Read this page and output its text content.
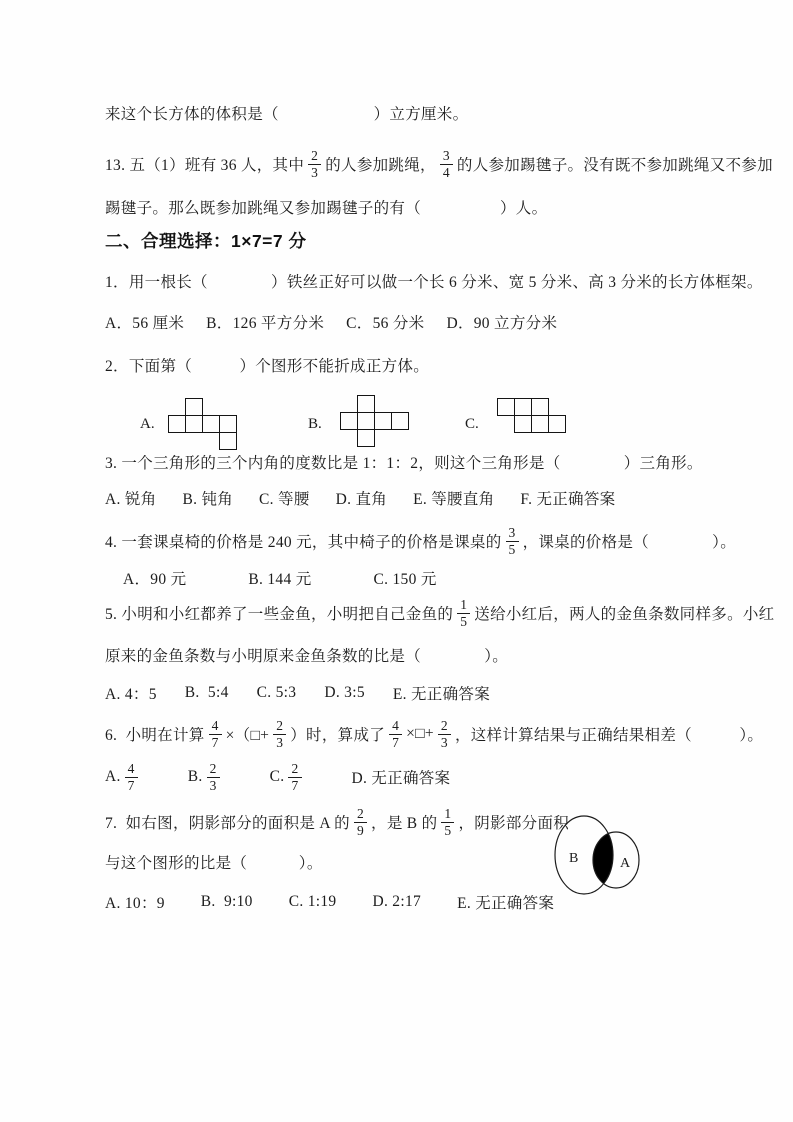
来这个长方体的体积是（　　　　　　）立方厘米。
13. 五（1）班有 36 人，其中 $\frac{2}{3}$ 的人参加跳绳， $\frac{3}{4}$ 的人参加踢毽子。没有既不参加跳绳又不参加
踢毽子。那么既参加跳绳又参加踢毽子的有（　　　　　）人。
二、合理选择：1×7=7 分
1．用一根长（　　　　）铁丝正好可以做一个长 6 分米、宽 5 分米、高 3 分米的长方体框架。
A．56 厘米 B．126 平方分米 C．56 分米 D．90 立方分米
2．下面第（　　　）个图形不能折成正方体。
A.	B.	C.
3. 一个三角形的三个内角的度数比是 1：1：2，则这个三角形是（　　　　）三角形。
A. 锐角 B. 钝角 C. 等腰 D. 直角 E. 等腰直角 F. 无正确答案
4. 一套课桌椅的价格是 240 元，其中椅子的价格是课桌的 $\frac{3}{5}$ ，课桌的价格是（　　　　）。
A．90 元	B. 144 元	C. 150 元
5. 小明和小红都养了一些金鱼，小明把自己金鱼的 $\frac{1}{5}$ 送给小红后，两人的金鱼条数同样多。小红
原来的金鱼条数与小明原来金鱼条数的比是（　　　　）。
A. 4：5 B.  5:4 C. 5:3 D. 3:5 E. 无正确答案
6.  小明在计算 $\frac{4}{7}$ ×（□+ $\frac{2}{3}$ ）时，算成了 $\frac{4}{7}$ ×□+ $\frac{2}{3}$ ，这样计算结果与正确结果相差（　　　）。
A. $\frac{4}{7}$	B. $\frac{2}{3}$	C. $\frac{2}{7}$	D. 无正确答案
7.  如右图，阴影部分的面积是 A 的 $\frac{2}{9}$ ，是 B 的 $\frac{1}{5}$ ，阴影部分面积
与这个图形的比是（　 　　）。
A. 10：9 B.  9:10 C. 1:19 D. 2:17 E. 无正确答案
B	A
